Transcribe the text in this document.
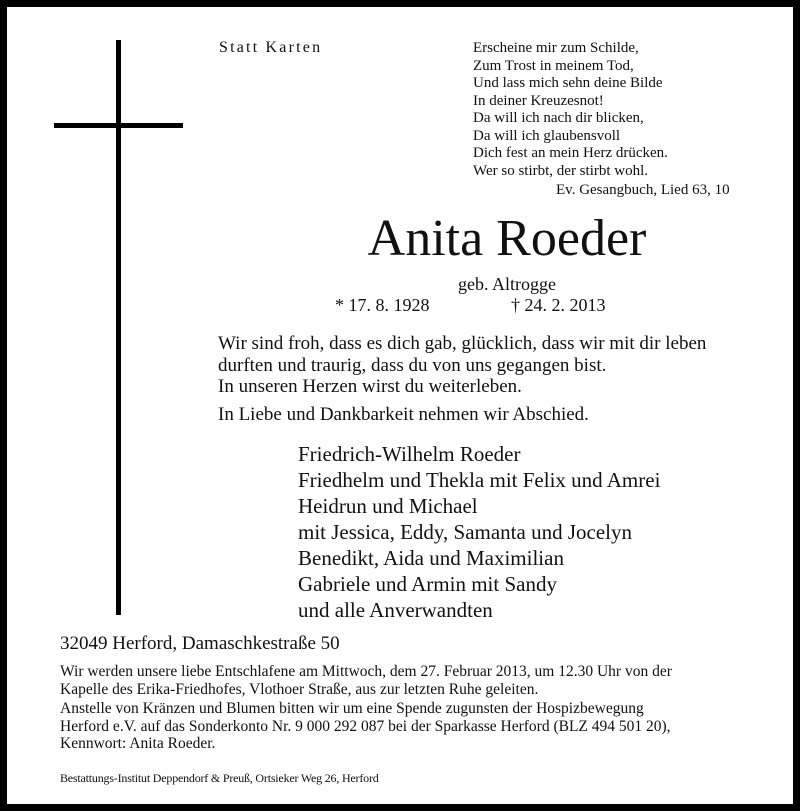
Statt Karten	Erscheine mir zum Schilde,
Zum Trost in meinem Tod,
Und lass mich sehn deine Bilde
In deiner Kreuzesnot!
Da will ich nach dir blicken,
Da will ich glaubensvoll
Dich fest an mein Herz drücken.
Wer so stirbt, der stirbt wohl.
Ev. Gesangbuch, Lied 63, 10
Anita Roeder
geb. Altrogge
* 17. 8. 1928	† 24. 2. 2013
Wir sind froh, dass es dich gab, glücklich, dass wir mit dir leben
durften und traurig, dass du von uns gegangen bist.
In unseren Herzen wirst du weiterleben.
In Liebe und Dankbarkeit nehmen wir Abschied.
Friedrich-Wilhelm Roeder
Friedhelm und Thekla mit Felix und Amrei
Heidrun und Michael
mit Jessica, Eddy, Samanta und Jocelyn
Benedikt, Aida und Maximilian
Gabriele und Armin mit Sandy
und alle Anverwandten
32049 Herford, Damaschkestraße 50

Wir werden unsere liebe Entschlafene am Mittwoch, dem 27. Februar 2013, um 12.30 Uhr von der
Kapelle des Erika-Friedhofes, Vlothoer Straße, aus zur letzten Ruhe geleiten.

Anstelle von Kränzen und Blumen bitten wir um eine Spende zugunsten der Hospizbewegung
Herford e.V. auf das Sonderkonto Nr. 9 000 292 087 bei der Sparkasse Herford (BLZ 494 501 20),
Kennwort: Anita Roeder.

Bestattungs-Institut Deppendorf & Preuß, Ortsieker Weg 26, Herford
